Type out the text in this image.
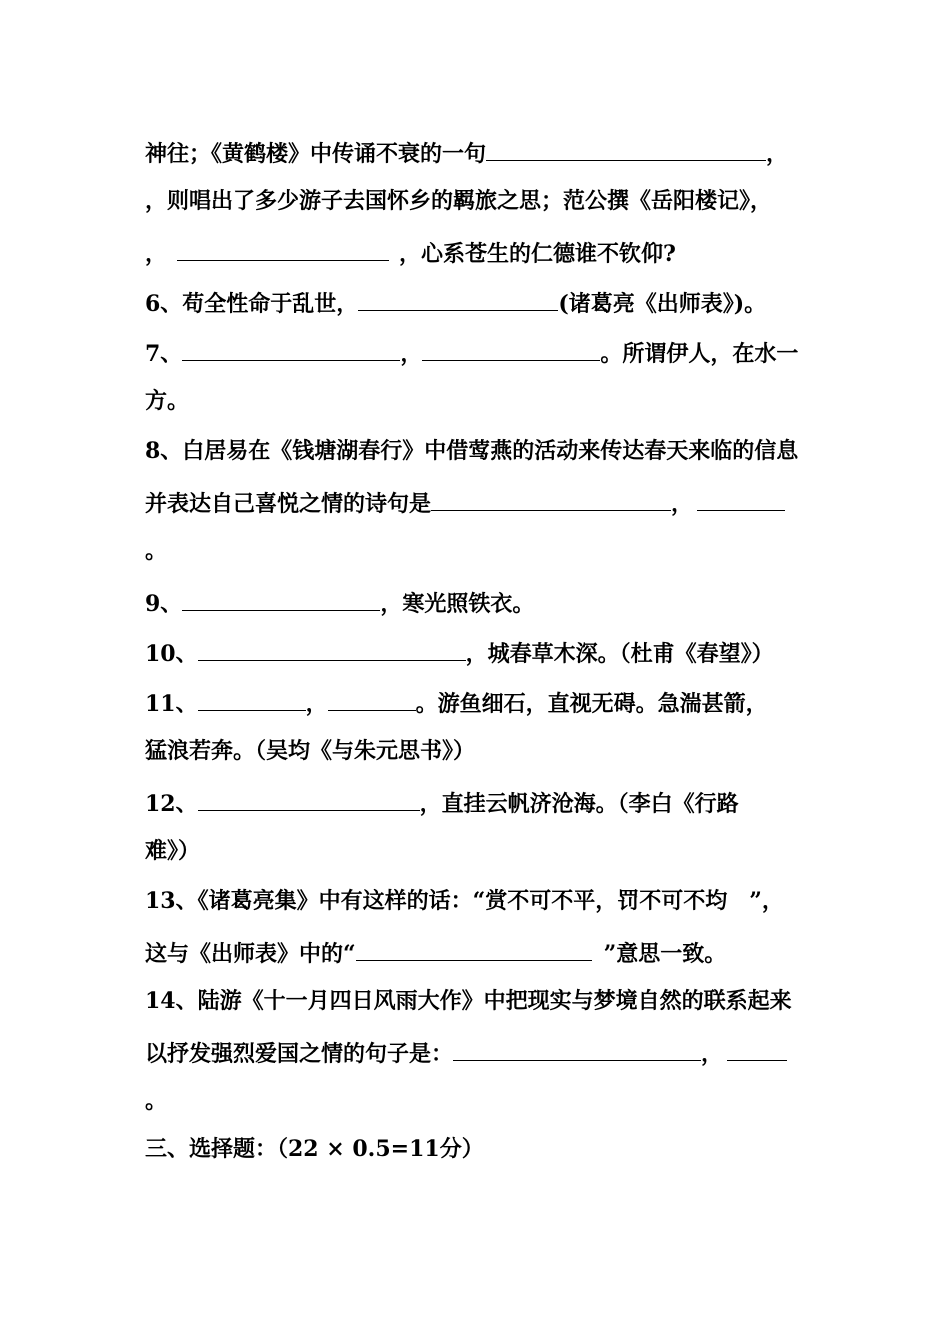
神往；《黄鹤楼》中传诵不衰的一句	，
，则唱出了多少游子去国怀乡的羁旅之思；范公撰《岳阳楼记》，
，	，心系苍生的仁德谁不钦仰?
6、苟全性命于乱世，	(诸葛亮《出师表》)。
7、	，	。所谓伊人，在水一
方。
8、白居易在《钱塘湖春行》中借莺燕的活动来传达春天来临的信息
并表达自己喜悦之情的诗句是	，
。
9、	，寒光照铁衣。
10、	，城春草木深。（杜甫《春望》）
11、	，	。游鱼细石，直视无碍。急湍甚箭，
猛浪若奔。（吴均《与朱元思书》）
12、	，直挂云帆济沧海。（李白《行路
难》）
13、《诸葛亮集》中有这样的话：“赏不可不平，罚不可不均　”，
这与《出师表》中的“	”意思一致。
14、陆游《十一月四日风雨大作》中把现实与梦境自然的联系起来
以抒发强烈爱国之情的句子是：	，
。
三、选择题：（22 × 0.5=11分）
